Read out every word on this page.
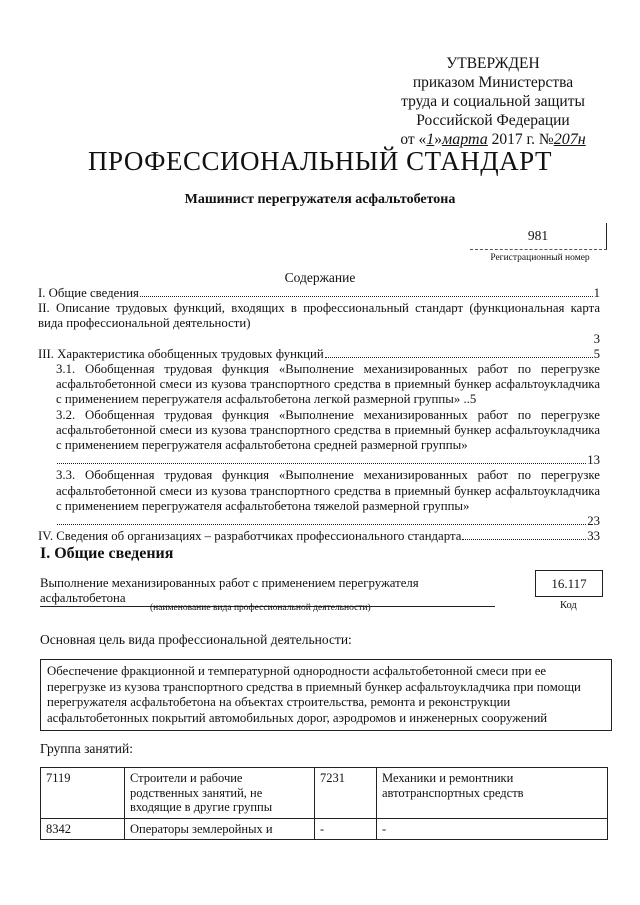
УТВЕРЖДЕН
приказом Министерства
труда и социальной защиты
Российской Федерации
от «1»марта 2017 г. №207н
ПРОФЕССИОНАЛЬНЫЙ СТАНДАРТ
Машинист перегружателя асфальтобетона
981
Регистрационный номер
Содержание
I. Общие сведения	1
II. Описание трудовых функций, входящих в профессиональный стандарт (функциональная карта вида профессиональной деятельности)
3
III. Характеристика обобщенных трудовых функций	5
3.1. Обобщенная трудовая функция «Выполнение механизированных работ по перегрузке асфальтобетонной смеси из кузова транспортного средства в приемный бункер асфальтоукладчика с применением перегружателя асфальтобетона легкой размерной группы» ..5
3.2. Обобщенная трудовая функция «Выполнение механизированных работ по перегрузке асфальтобетонной смеси из кузова транспортного средства в приемный бункер асфальтоукладчика с применением перегружателя асфальтобетона средней размерной группы»
13
3.3. Обобщенная трудовая функция «Выполнение механизированных работ по перегрузке асфальтобетонной смеси из кузова транспортного средства в приемный бункер асфальтоукладчика с применением перегружателя асфальтобетона тяжелой размерной группы»
23
IV. Сведения об организациях – разработчиках профессионального стандарта	33
I. Общие сведения
Выполнение механизированных работ с применением перегружателя асфальтобетона
16.117
(наименование вида профессиональной деятельности)	Код
Основная цель вида профессиональной деятельности:
Обеспечение фракционной и температурной однородности асфальтобетонной смеси при ее перегрузке из кузова транспортного средства в приемный бункер асфальтоукладчика при помощи перегружателя асфальтобетона на объектах строительства, ремонта и реконструкции асфальтобетонных покрытий автомобильных дорог, аэродромов и инженерных сооружений
Группа занятий:
7119	Строители и рабочие родственных занятий, не входящие в другие группы	7231	Механики и ремонтники автотранспортных средств
8342	Операторы землеройных и	-	-
